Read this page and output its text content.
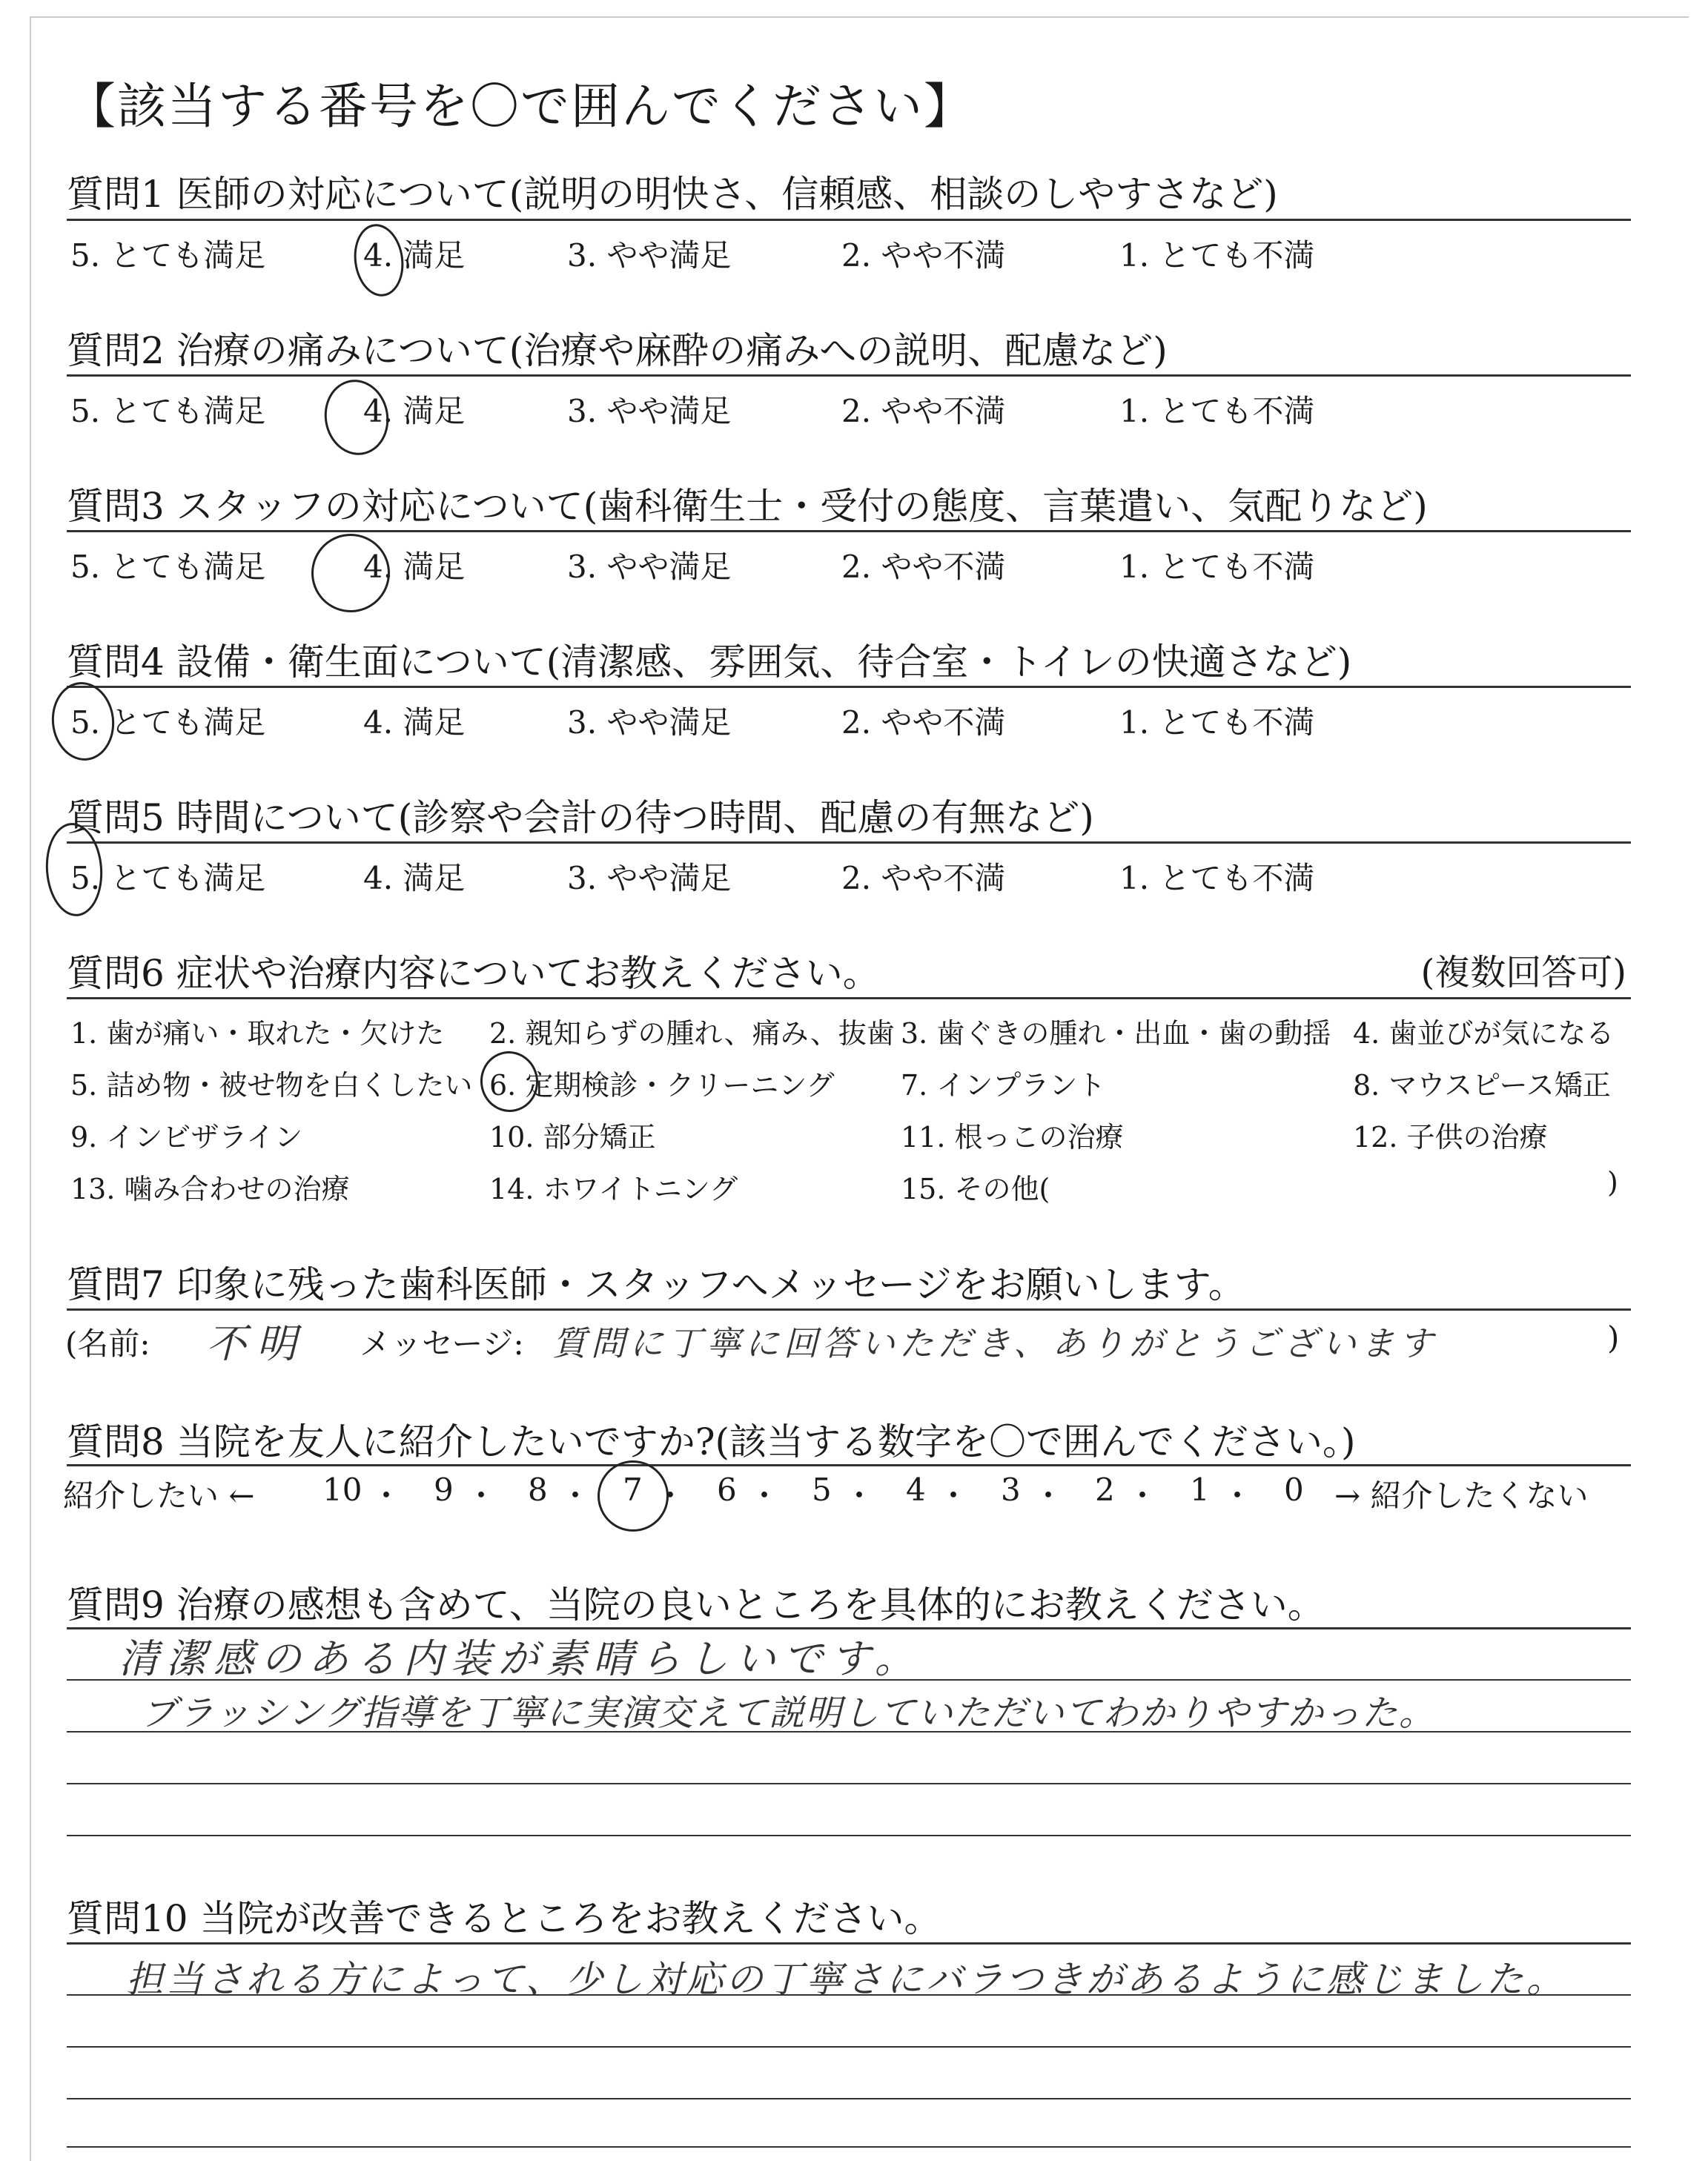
【該当する番号を〇で囲んでください】
質問1 医師の対応について(説明の明快さ、信頼感、相談のしやすさなど)
5. とても満足	4. 満足	3. やや満足	2. やや不満	1. とても不満
質問2 治療の痛みについて(治療や麻酔の痛みへの説明、配慮など)
5. とても満足	4. 満足	3. やや満足	2. やや不満	1. とても不満
質問3 スタッフの対応について(歯科衛生士・受付の態度、言葉遣い、気配りなど)
5. とても満足	4. 満足	3. やや満足	2. やや不満	1. とても不満
質問4 設備・衛生面について(清潔感、雰囲気、待合室・トイレの快適さなど)
5. とても満足	4. 満足	3. やや満足	2. やや不満	1. とても不満
質問5 時間について(診察や会計の待つ時間、配慮の有無など)
5. とても満足	4. 満足	3. やや満足	2. やや不満	1. とても不満
質問6 症状や治療内容についてお教えください。	(複数回答可)
1. 歯が痛い・取れた・欠けた 2. 親知らずの腫れ、痛み、抜歯 3. 歯ぐきの腫れ・出血・歯の動揺 4. 歯並びが気になる
5. 詰め物・被せ物を白くしたい 6. 定期検診・クリーニング 7. インプラント	8. マウスピース矯正
9. インビザライン	10. 部分矯正	11. 根っこの治療	12. 子供の治療
13. 噛み合わせの治療	14. ホワイトニング	15. その他(	)
質問7 印象に残った歯科医師・スタッフへメッセージをお願いします。
(名前: 不明 メッセージ: 質問に丁寧に回答いただき、ありがとうございます	)
質問8 当院を友人に紹介したいですか?(該当する数字を〇で囲んでください。)
紹介したい ← 10 ・ 9 ・ 8 ・ 7 ・ 6 ・ 5 ・ 4 ・ 3 ・ 2 ・ 1 ・ 0 → 紹介したくない
質問9 治療の感想も含めて、当院の良いところを具体的にお教えください。
清潔感のある内装が素晴らしいです。
ブラッシング指導を丁寧に実演交えて説明していただいてわかりやすかった。
質問10 当院が改善できるところをお教えください。
担当される方によって、少し対応の丁寧さにバラつきがあるように感じました。
